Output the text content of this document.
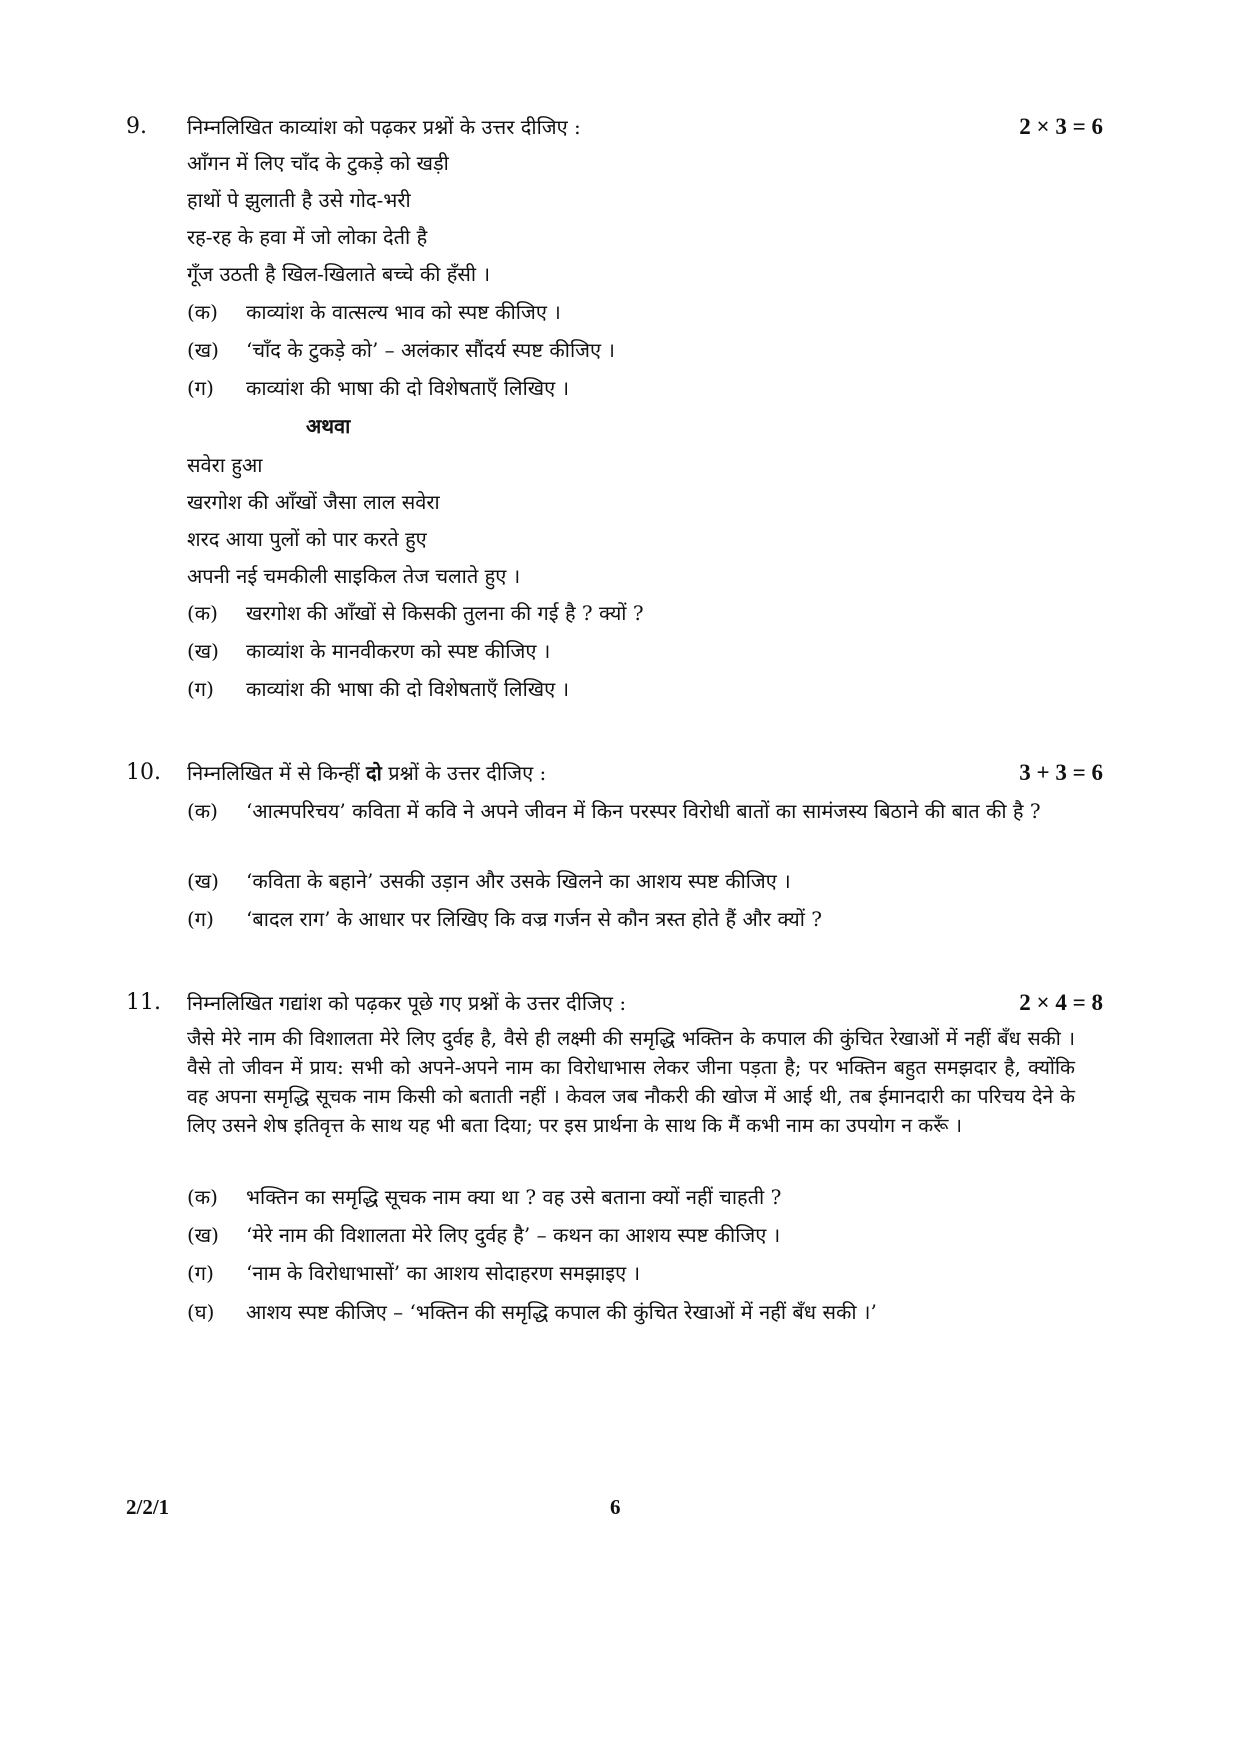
9. निम्नलिखित काव्यांश को पढ़कर प्रश्नों के उत्तर दीजिए :	2 × 3 = 6
आँगन में लिए चाँद के टुकड़े को खड़ी
हाथों पे झुलाती है उसे गोद-भरी
रह-रह के हवा में जो लोका देती है
गूँज उठती है खिल-खिलाते बच्चे की हँसी ।
(क) काव्यांश के वात्सल्य भाव को स्पष्ट कीजिए ।
(ख) ‘चाँद के टुकड़े को’ – अलंकार सौंदर्य स्पष्ट कीजिए ।
(ग) काव्यांश की भाषा की दो विशेषताएँ लिखिए ।
अथवा
सवेरा हुआ
खरगोश की आँखों जैसा लाल सवेरा
शरद आया पुलों को पार करते हुए
अपनी नई चमकीली साइकिल तेज चलाते हुए ।
(क) खरगोश की आँखों से किसकी तुलना की गई है ? क्यों ?
(ख) काव्यांश के मानवीकरण को स्पष्ट कीजिए ।
(ग) काव्यांश की भाषा की दो विशेषताएँ लिखिए ।
10. निम्नलिखित में से किन्हीं दो प्रश्नों के उत्तर दीजिए :	3 + 3 = 6
(क) ‘आत्मपरिचय’ कविता में कवि ने अपने जीवन में किन परस्पर विरोधी बातों का सामंजस्य बिठाने की बात की है ?
(ख) ‘कविता के बहाने’ उसकी उड़ान और उसके खिलने का आशय स्पष्ट कीजिए ।
(ग) ‘बादल राग’ के आधार पर लिखिए कि वज्र गर्जन से कौन त्रस्त होते हैं और क्यों ?
11. निम्नलिखित गद्यांश को पढ़कर पूछे गए प्रश्नों के उत्तर दीजिए :	2 × 4 = 8
जैसे मेरे नाम की विशालता मेरे लिए दुर्वह है, वैसे ही लक्ष्मी की समृद्धि भक्तिन के कपाल की कुंचित रेखाओं में नहीं बँध सकी । वैसे तो जीवन में प्राय: सभी को अपने-अपने नाम का विरोधाभास लेकर जीना पड़ता है; पर भक्तिन बहुत समझदार है, क्योंकि वह अपना समृद्धि सूचक नाम किसी को बताती नहीं । केवल जब नौकरी की खोज में आई थी, तब ईमानदारी का परिचय देने के लिए उसने शेष इतिवृत्त के साथ यह भी बता दिया; पर इस प्रार्थना के साथ कि मैं कभी नाम का उपयोग न करूँ ।
(क) भक्तिन का समृद्धि सूचक नाम क्या था ? वह उसे बताना क्यों नहीं चाहती ?
(ख) ‘मेरे नाम की विशालता मेरे लिए दुर्वह है’ – कथन का आशय स्पष्ट कीजिए ।
(ग) ‘नाम के विरोधाभासों’ का आशय सोदाहरण समझाइए ।
(घ) आशय स्पष्ट कीजिए – ‘भक्तिन की समृद्धि कपाल की कुंचित रेखाओं में नहीं बँध सकी ।’
2/2/1	6
